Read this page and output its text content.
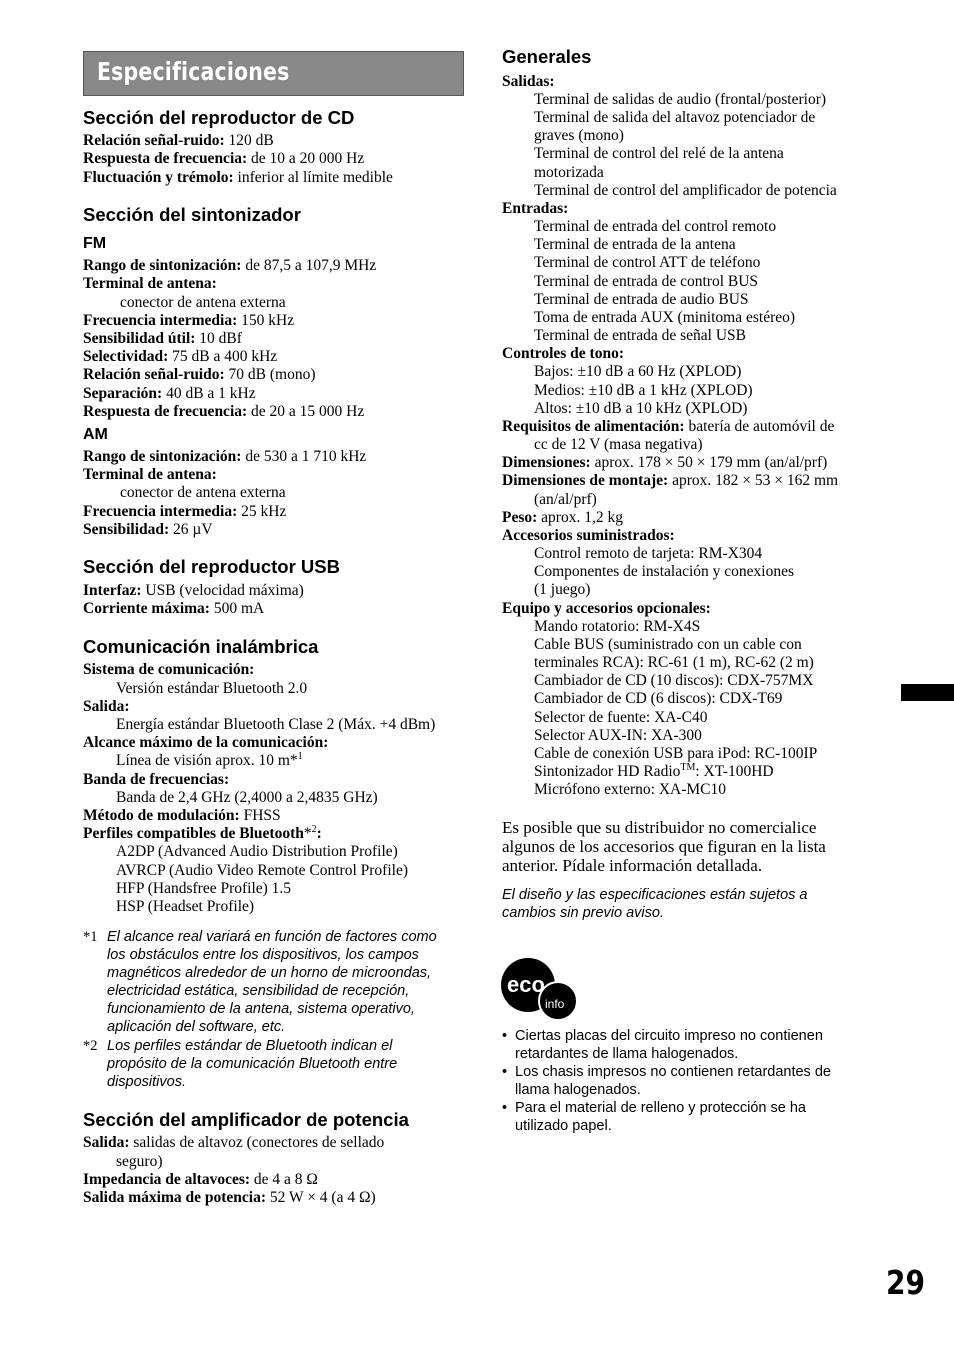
Especificaciones
Sección del reproductor de CD
Relación señal-ruido: 120 dB
Respuesta de frecuencia: de 10 a 20 000 Hz
Fluctuación y trémolo: inferior al límite medible
Sección del sintonizador
FM
Rango de sintonización: de 87,5 a 107,9 MHz
Terminal de antena:
conector de antena externa
Frecuencia intermedia: 150 kHz
Sensibilidad útil: 10 dBf
Selectividad: 75 dB a 400 kHz
Relación señal-ruido: 70 dB (mono)
Separación: 40 dB a 1 kHz
Respuesta de frecuencia: de 20 a 15 000 Hz
AM
Rango de sintonización: de 530 a 1 710 kHz
Terminal de antena:
conector de antena externa
Frecuencia intermedia: 25 kHz
Sensibilidad: 26 µV
Sección del reproductor USB
Interfaz: USB (velocidad máxima)
Corriente máxima: 500 mA
Comunicación inalámbrica
Sistema de comunicación:
Versión estándar Bluetooth 2.0
Salida:
Energía estándar Bluetooth Clase 2 (Máx. +4 dBm)
Alcance máximo de la comunicación:
Línea de visión aprox. 10 m*$^1$
Banda de frecuencias:
Banda de 2,4 GHz (2,4000 a 2,4835 GHz)
Método de modulación: FHSS
Perfiles compatibles de Bluetooth*$^2$:
A2DP (Advanced Audio Distribution Profile)
AVRCP (Audio Video Remote Control Profile)
HFP (Handsfree Profile) 1.5
HSP (Headset Profile)
*1 El alcance real variará en función de factores como
los obstáculos entre los dispositivos, los campos
magnéticos alrededor de un horno de microondas,
electricidad estática, sensibilidad de recepción,
funcionamiento de la antena, sistema operativo,
aplicación del software, etc.
*2 Los perfiles estándar de Bluetooth indican el
propósito de la comunicación Bluetooth entre
dispositivos.
Sección del amplificador de potencia
Salida: salidas de altavoz (conectores de sellado
seguro)
Impedancia de altavoces: de 4 a 8 Ω
Salida máxima de potencia: 52 W × 4 (a 4 Ω)
Generales
Salidas:
Terminal de salidas de audio (frontal/posterior)
Terminal de salida del altavoz potenciador de
graves (mono)
Terminal de control del relé de la antena
motorizada
Terminal de control del amplificador de potencia
Entradas:
Terminal de entrada del control remoto
Terminal de entrada de la antena
Terminal de control ATT de teléfono
Terminal de entrada de control BUS
Terminal de entrada de audio BUS
Toma de entrada AUX (minitoma estéreo)
Terminal de entrada de señal USB
Controles de tono:
Bajos: ±10 dB a 60 Hz (XPLOD)
Medios: ±10 dB a 1 kHz (XPLOD)
Altos: ±10 dB a 10 kHz (XPLOD)
Requisitos de alimentación: batería de automóvil de
cc de 12 V (masa negativa)
Dimensiones: aprox. 178 × 50 × 179 mm (an/al/prf)
Dimensiones de montaje: aprox. 182 × 53 × 162 mm
(an/al/prf)
Peso: aprox. 1,2 kg
Accesorios suministrados:
Control remoto de tarjeta: RM-X304
Componentes de instalación y conexiones
(1 juego)
Equipo y accesorios opcionales:
Mando rotatorio: RM-X4S
Cable BUS (suministrado con un cable con
terminales RCA): RC-61 (1 m), RC-62 (2 m)
Cambiador de CD (10 discos): CDX-757MX
Cambiador de CD (6 discos): CDX-T69
Selector de fuente: XA-C40
Selector AUX-IN: XA-300
Cable de conexión USB para iPod: RC-100IP
Sintonizador HD Radio™: XT-100HD
Micrófono externo: XA-MC10
Es posible que su distribuidor no comercialice
algunos de los accesorios que figuran en la lista
anterior. Pídale información detallada.
El diseño y las especificaciones están sujetos a
cambios sin previo aviso.
eco
info
• Ciertas placas del circuito impreso no contienen
retardantes de llama halogenados.
• Los chasis impresos no contienen retardantes de
llama halogenados.
• Para el material de relleno y protección se ha
utilizado papel.
29
